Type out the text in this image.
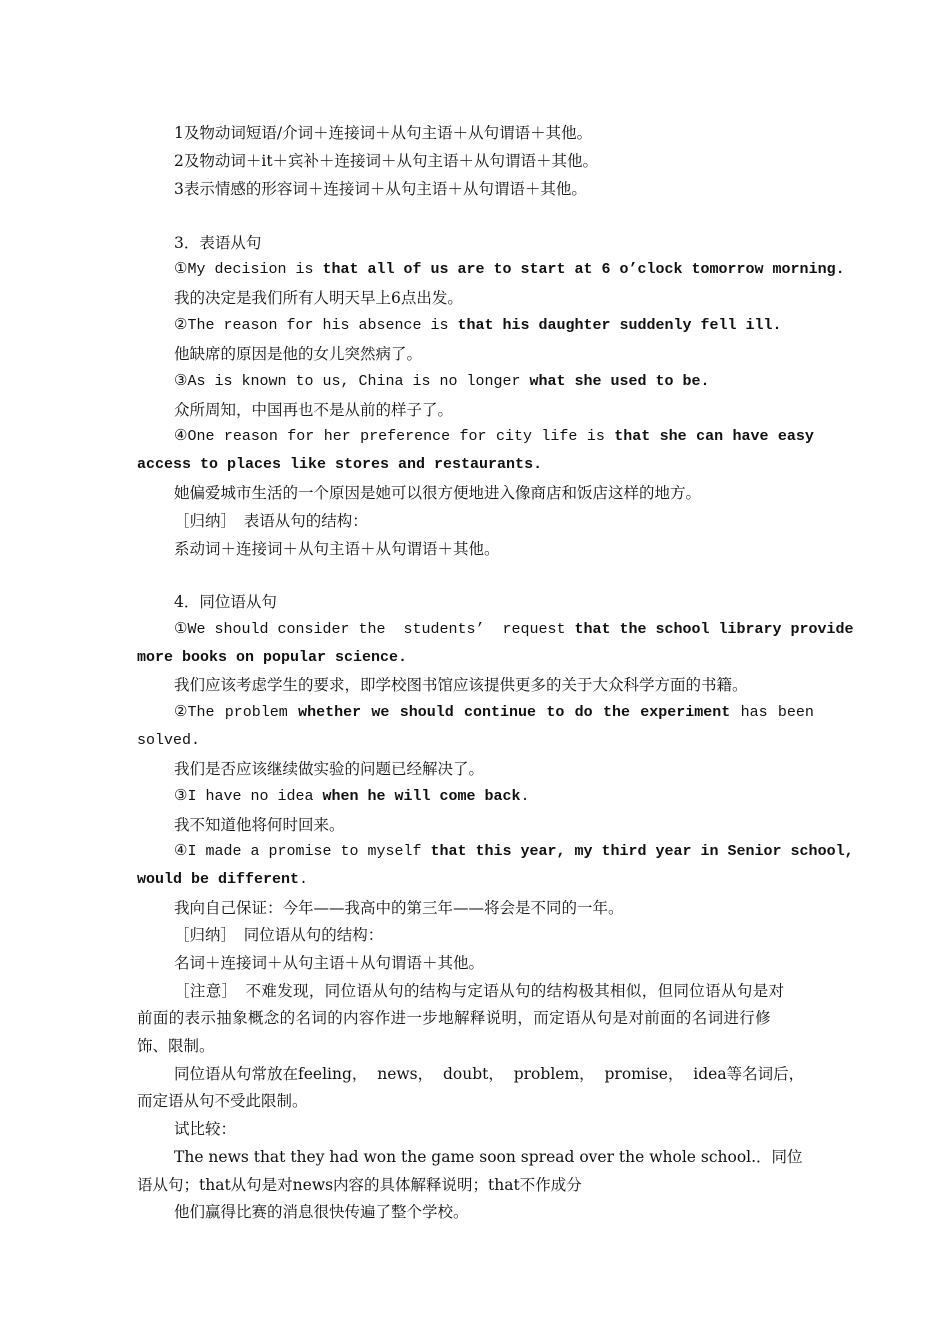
1及物动词短语/介词＋连接词＋从句主语＋从句谓语＋其他。
2及物动词＋it＋宾补＋连接词＋从句主语＋从句谓语＋其他。
3表示情感的形容词＋连接词＋从句主语＋从句谓语＋其他。
3．表语从句
①My decision is that all of us are to start at 6 o’clock tomorrow morning.
我的决定是我们所有人明天早上6点出发。
②The reason for his absence is that his daughter suddenly fell ill.
他缺席的原因是他的女儿突然病了。
③As is known to us, China is no longer what she used to be.
众所周知，中国再也不是从前的样子了。
④One reason for her preference for city life is that she can have easy
access to places like stores and restaurants.
她偏爱城市生活的一个原因是她可以很方便地进入像商店和饭店这样的地方。
［归纳］　表语从句的结构：
系动词＋连接词＋从句主语＋从句谓语＋其他。
4．同位语从句
①We should consider the  students’  request that the school library provide
more books on popular science.
我们应该考虑学生的要求，即学校图书馆应该提供更多的关于大众科学方面的书籍。
②The problem whether we should continue to do the experiment has been
solved.
我们是否应该继续做实验的问题已经解决了。
③I have no idea when he will come back.
我不知道他将何时回来。
④I made a promise to myself that this year, my third year in Senior school,
would be different.
我向自己保证：今年——我高中的第三年——将会是不同的一年。
［归纳］　同位语从句的结构：
名词＋连接词＋从句主语＋从句谓语＋其他。
［注意］　不难发现，同位语从句的结构与定语从句的结构极其相似，但同位语从句是对
前面的表示抽象概念的名词的内容作进一步地解释说明，而定语从句是对前面的名词进行修
饰、限制。
同位语从句常放在feeling，  news，  doubt，  problem，  promise，  idea等名词后，
而定语从句不受此限制。
试比较：
The news that they had won the game soon spread over the whole school.．同位
语从句；that从句是对news内容的具体解释说明；that不作成分
他们赢得比赛的消息很快传遍了整个学校。
